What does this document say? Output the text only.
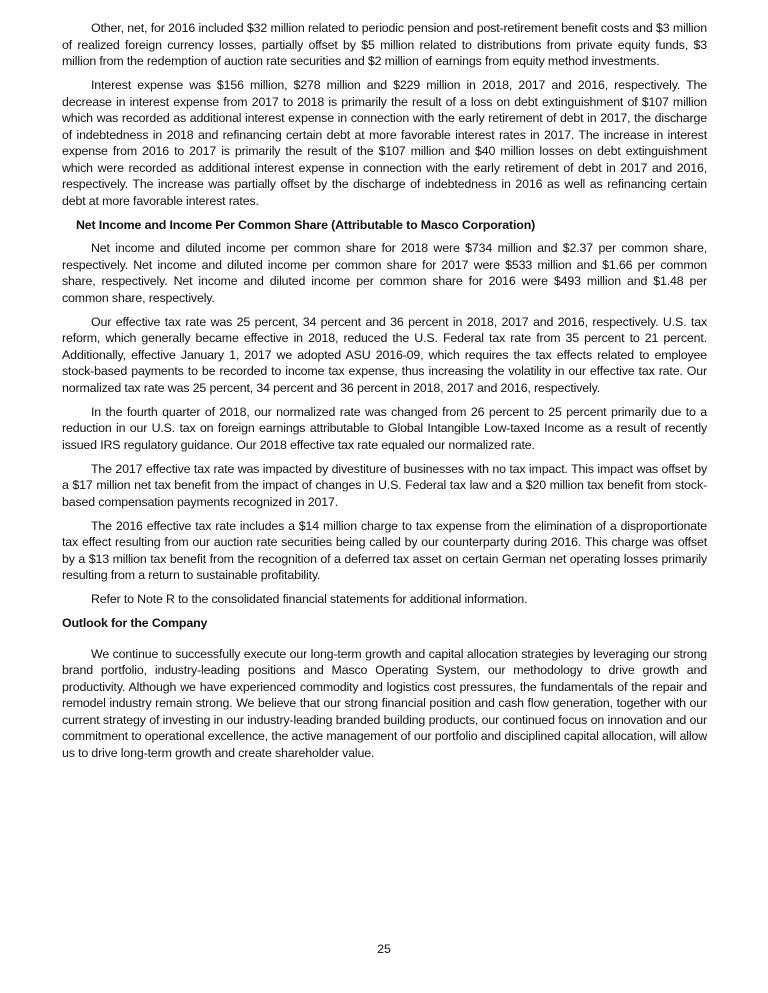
Other, net, for 2016 included $32 million related to periodic pension and post-retirement benefit costs and $3 million of realized foreign currency losses, partially offset by $5 million related to distributions from private equity funds, $3 million from the redemption of auction rate securities and $2 million of earnings from equity method investments.

Interest expense was $156 million, $278 million and $229 million in 2018, 2017 and 2016, respectively. The decrease in interest expense from 2017 to 2018 is primarily the result of a loss on debt extinguishment of $107 million which was recorded as additional interest expense in connection with the early retirement of debt in 2017, the discharge of indebtedness in 2018 and refinancing certain debt at more favorable interest rates in 2017. The increase in interest expense from 2016 to 2017 is primarily the result of the $107 million and $40 million losses on debt extinguishment which were recorded as additional interest expense in connection with the early retirement of debt in 2017 and 2016, respectively. The increase was partially offset by the discharge of indebtedness in 2016 as well as refinancing certain debt at more favorable interest rates.

Net Income and Income Per Common Share (Attributable to Masco Corporation)

Net income and diluted income per common share for 2018 were $734 million and $2.37 per common share, respectively. Net income and diluted income per common share for 2017 were $533 million and $1.66 per common share, respectively. Net income and diluted income per common share for 2016 were $493 million and $1.48 per common share, respectively.

Our effective tax rate was 25 percent, 34 percent and 36 percent in 2018, 2017 and 2016, respectively. U.S. tax reform, which generally became effective in 2018, reduced the U.S. Federal tax rate from 35 percent to 21 percent. Additionally, effective January 1, 2017 we adopted ASU 2016-09, which requires the tax effects related to employee stock-based payments to be recorded to income tax expense, thus increasing the volatility in our effective tax rate. Our normalized tax rate was 25 percent, 34 percent and 36 percent in 2018, 2017 and 2016, respectively.

In the fourth quarter of 2018, our normalized rate was changed from 26 percent to 25 percent primarily due to a reduction in our U.S. tax on foreign earnings attributable to Global Intangible Low-taxed Income as a result of recently issued IRS regulatory guidance. Our 2018 effective tax rate equaled our normalized rate.

The 2017 effective tax rate was impacted by divestiture of businesses with no tax impact. This impact was offset by a $17 million net tax benefit from the impact of changes in U.S. Federal tax law and a $20 million tax benefit from stock-based compensation payments recognized in 2017.

The 2016 effective tax rate includes a $14 million charge to tax expense from the elimination of a disproportionate tax effect resulting from our auction rate securities being called by our counterparty during 2016. This charge was offset by a $13 million tax benefit from the recognition of a deferred tax asset on certain German net operating losses primarily resulting from a return to sustainable profitability.

Refer to Note R to the consolidated financial statements for additional information.

Outlook for the Company

We continue to successfully execute our long-term growth and capital allocation strategies by leveraging our strong brand portfolio, industry-leading positions and Masco Operating System, our methodology to drive growth and productivity. Although we have experienced commodity and logistics cost pressures, the fundamentals of the repair and remodel industry remain strong. We believe that our strong financial position and cash flow generation, together with our current strategy of investing in our industry-leading branded building products, our continued focus on innovation and our commitment to operational excellence, the active management of our portfolio and disciplined capital allocation, will allow us to drive long-term growth and create shareholder value.

25
